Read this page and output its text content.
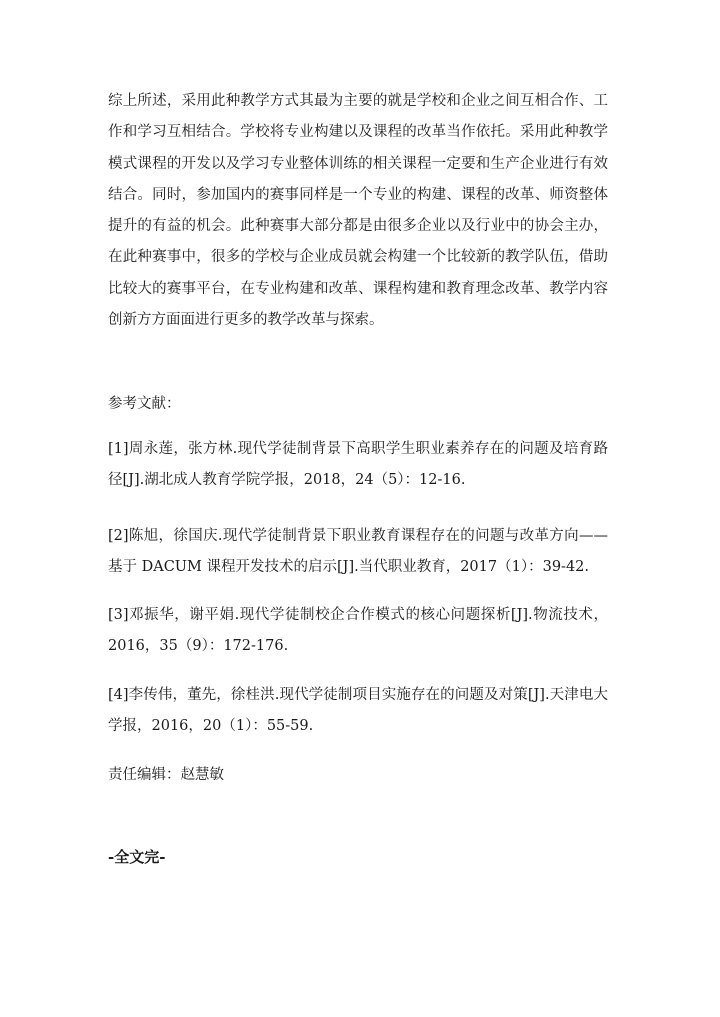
综上所述，采用此种教学方式其最为主要的就是学校和企业之间互相合作、工作和学习互相结合。学校将专业构建以及课程的改革当作依托。采用此种教学模式课程的开发以及学习专业整体训练的相关课程一定要和生产企业进行有效结合。同时，参加国内的赛事同样是一个专业的构建、课程的改革、师资整体提升的有益的机会。此种赛事大部分都是由很多企业以及行业中的协会主办，在此种赛事中，很多的学校与企业成员就会构建一个比较新的教学队伍，借助比较大的赛事平台，在专业构建和改革、课程构建和教育理念改革、教学内容创新方方面面进行更多的教学改革与探索。

参考文献：

[1]周永莲，张方林.现代学徒制背景下高职学生职业素养存在的问题及培育路径[J].湖北成人教育学院学报，2018，24（5）：12-16.

[2]陈旭，徐国庆.现代学徒制背景下职业教育课程存在的问题与改革方向——基于 DACUM 课程开发技术的启示[J].当代职业教育，2017（1）：39-42.

[3]邓振华，谢平娟.现代学徒制校企合作模式的核心问题探析[J].物流技术，2016，35（9）：172-176.

[4]李传伟，董先，徐桂洪.现代学徒制项目实施存在的问题及对策[J].天津电大学报，2016，20（1）：55-59.

责任编辑：赵慧敏

-全文完-
